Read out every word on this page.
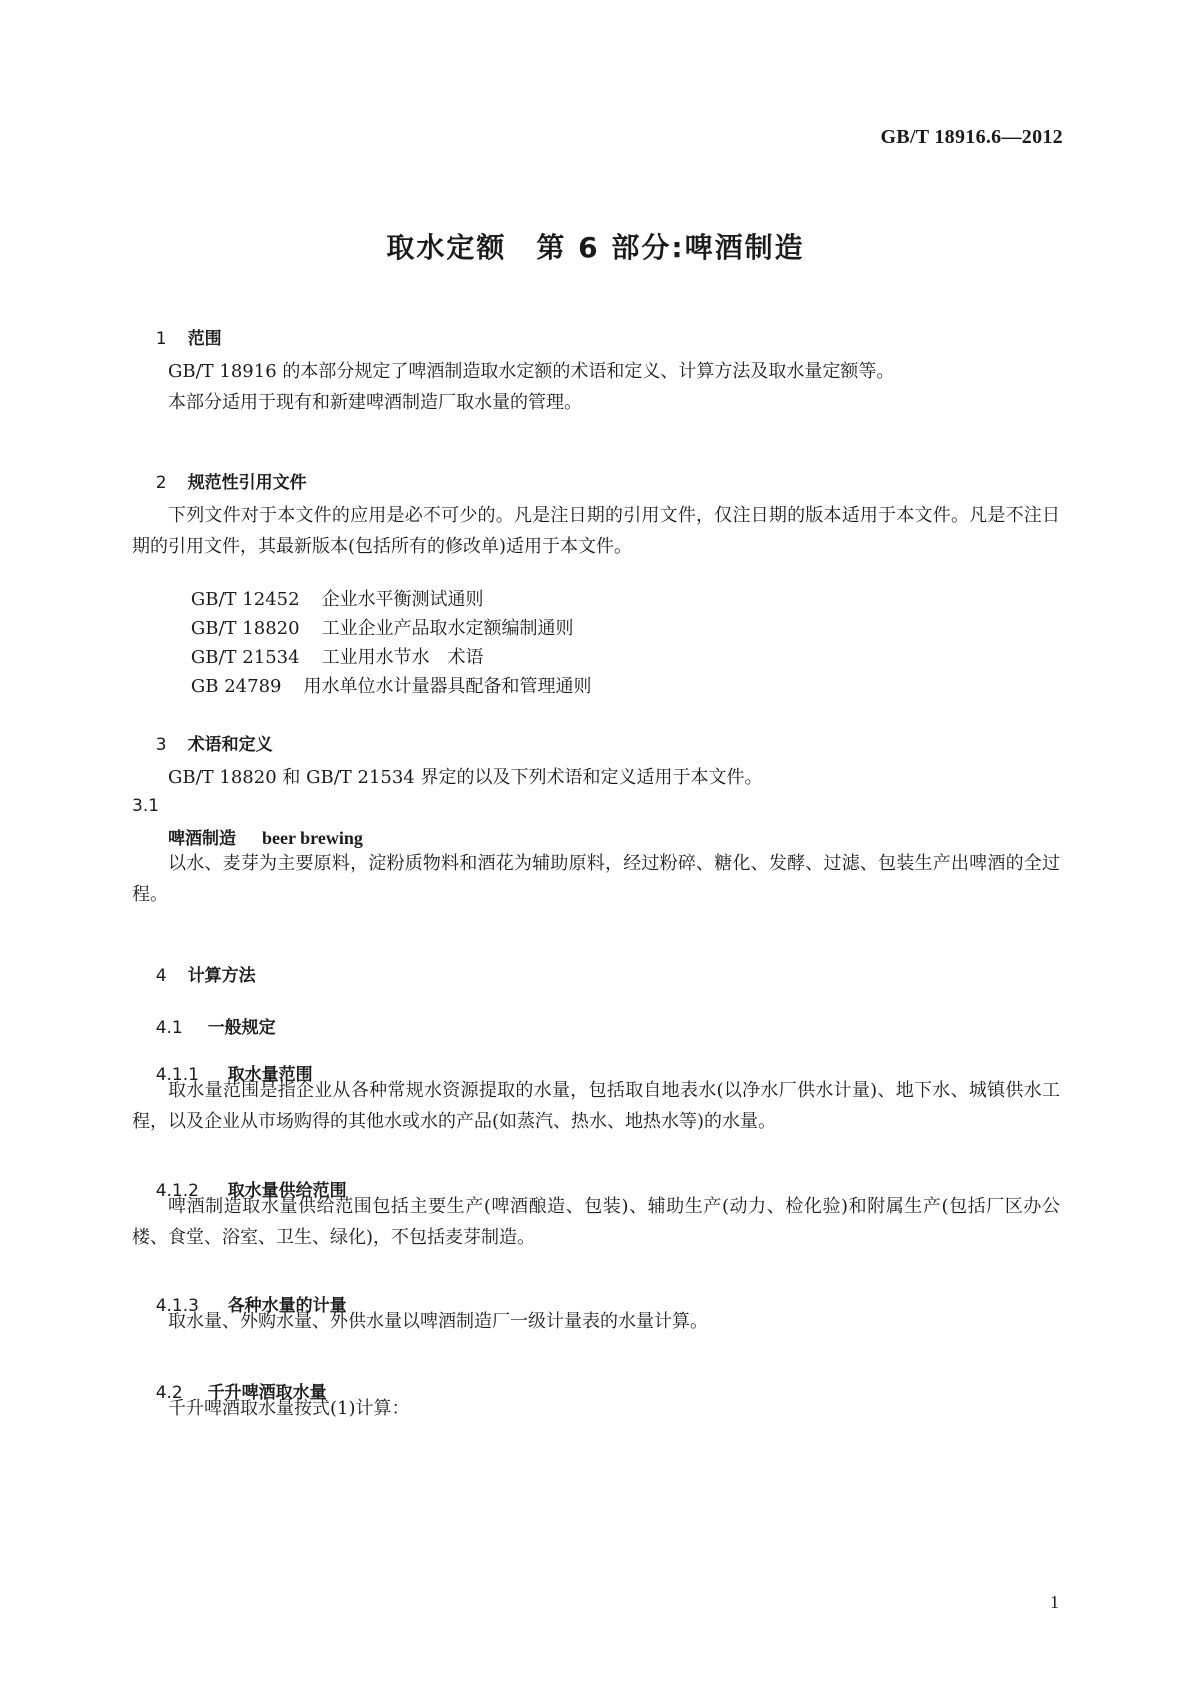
GB/T 18916.6—2012
取水定额　第 6 部分:啤酒制造

1 范围

GB/T 18916 的本部分规定了啤酒制造取水定额的术语和定义、计算方法及取水量定额等。
本部分适用于现有和新建啤酒制造厂取水量的管理。

2 规范性引用文件

下列文件对于本文件的应用是必不可少的。凡是注日期的引用文件，仅注日期的版本适用于本文件。凡是不注日期的引用文件，其最新版本(包括所有的修改单)适用于本文件。

GB/T 12452 企业水平衡测试通则

GB/T 18820 工业企业产品取水定额编制通则

GB/T 21534 工业用水节水　术语

GB 24789 用水单位水计量器具配备和管理通则

3 术语和定义

GB/T 18820 和 GB/T 21534 界定的以及下列术语和定义适用于本文件。
3.1
啤酒制造 beer brewing
以水、麦芽为主要原料，淀粉质物料和酒花为辅助原料，经过粉碎、糖化、发酵、过滤、包装生产出啤酒的全过程。

4 计算方法

4.1 一般规定

4.1.1 取水量范围

取水量范围是指企业从各种常规水资源提取的水量，包括取自地表水(以净水厂供水计量)、地下水、城镇供水工程，以及企业从市场购得的其他水或水的产品(如蒸汽、热水、地热水等)的水量。

4.1.2 取水量供给范围

啤酒制造取水量供给范围包括主要生产(啤酒酿造、包装)、辅助生产(动力、检化验)和附属生产(包括厂区办公楼、食堂、浴室、卫生、绿化)，不包括麦芽制造。

4.1.3 各种水量的计量

取水量、外购水量、外供水量以啤酒制造厂一级计量表的水量计算。

4.2 千升啤酒取水量

千升啤酒取水量按式(1)计算：
1
